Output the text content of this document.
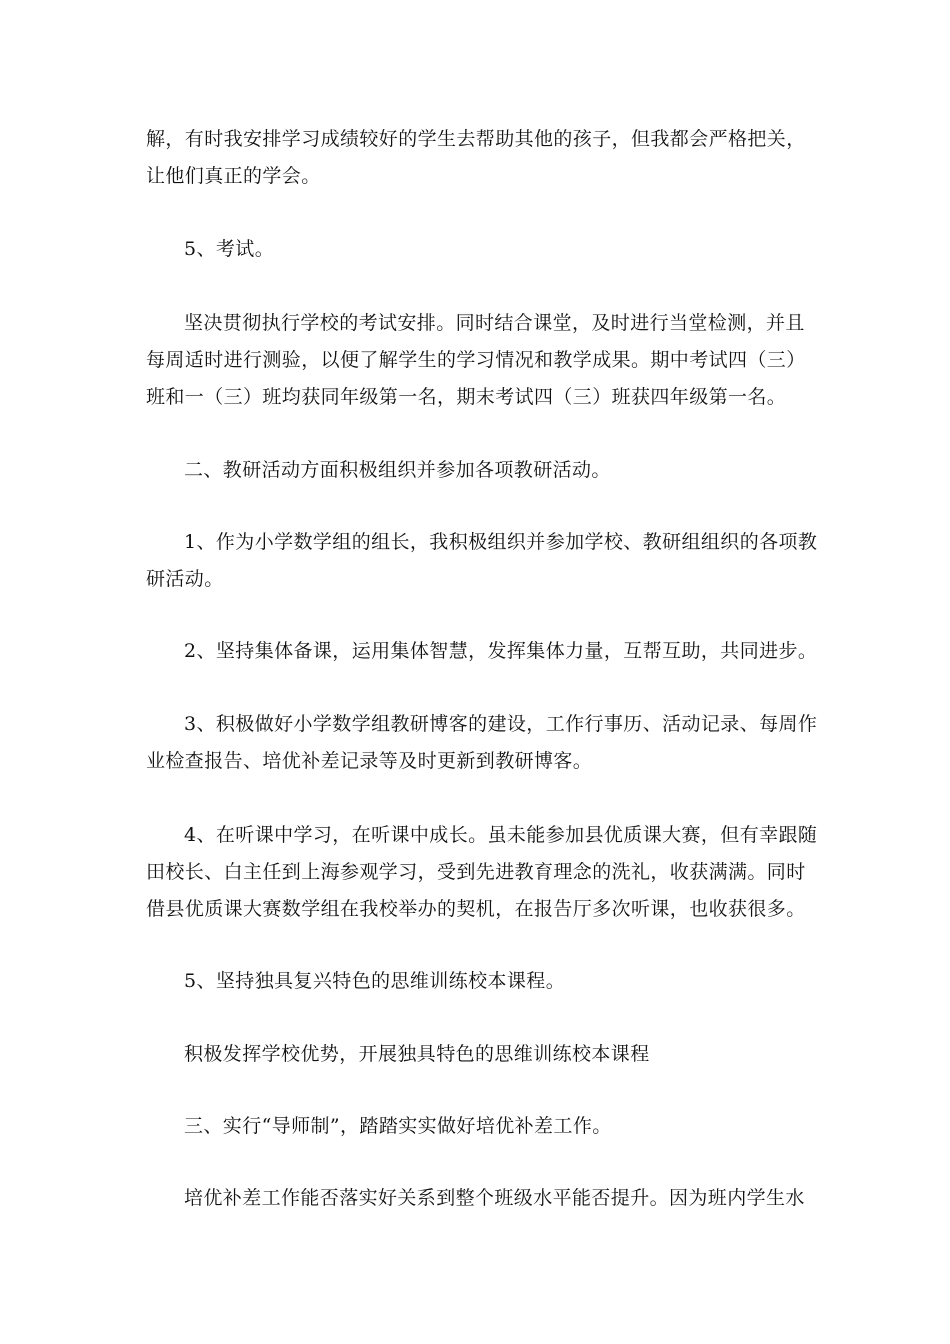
解，有时我安排学习成绩较好的学生去帮助其他的孩子，但我都会严格把关，
让他们真正的学会。
5、考试。
坚决贯彻执行学校的考试安排。同时结合课堂，及时进行当堂检测，并且
每周适时进行测验，以便了解学生的学习情况和教学成果。期中考试四（三）
班和一（三）班均获同年级第一名，期末考试四（三）班获四年级第一名。
二、教研活动方面积极组织并参加各项教研活动。
1、作为小学数学组的组长，我积极组织并参加学校、教研组组织的各项教
研活动。
2、坚持集体备课，运用集体智慧，发挥集体力量，互帮互助，共同进步。
3、积极做好小学数学组教研博客的建设，工作行事历、活动记录、每周作
业检查报告、培优补差记录等及时更新到教研博客。
4、在听课中学习，在听课中成长。虽未能参加县优质课大赛，但有幸跟随
田校长、白主任到上海参观学习，受到先进教育理念的洗礼，收获满满。同时
借县优质课大赛数学组在我校举办的契机，在报告厅多次听课，也收获很多。
5、坚持独具复兴特色的思维训练校本课程。
积极发挥学校优势，开展独具特色的思维训练校本课程
三、实行“导师制”，踏踏实实做好培优补差工作。
培优补差工作能否落实好关系到整个班级水平能否提升。因为班内学生水
